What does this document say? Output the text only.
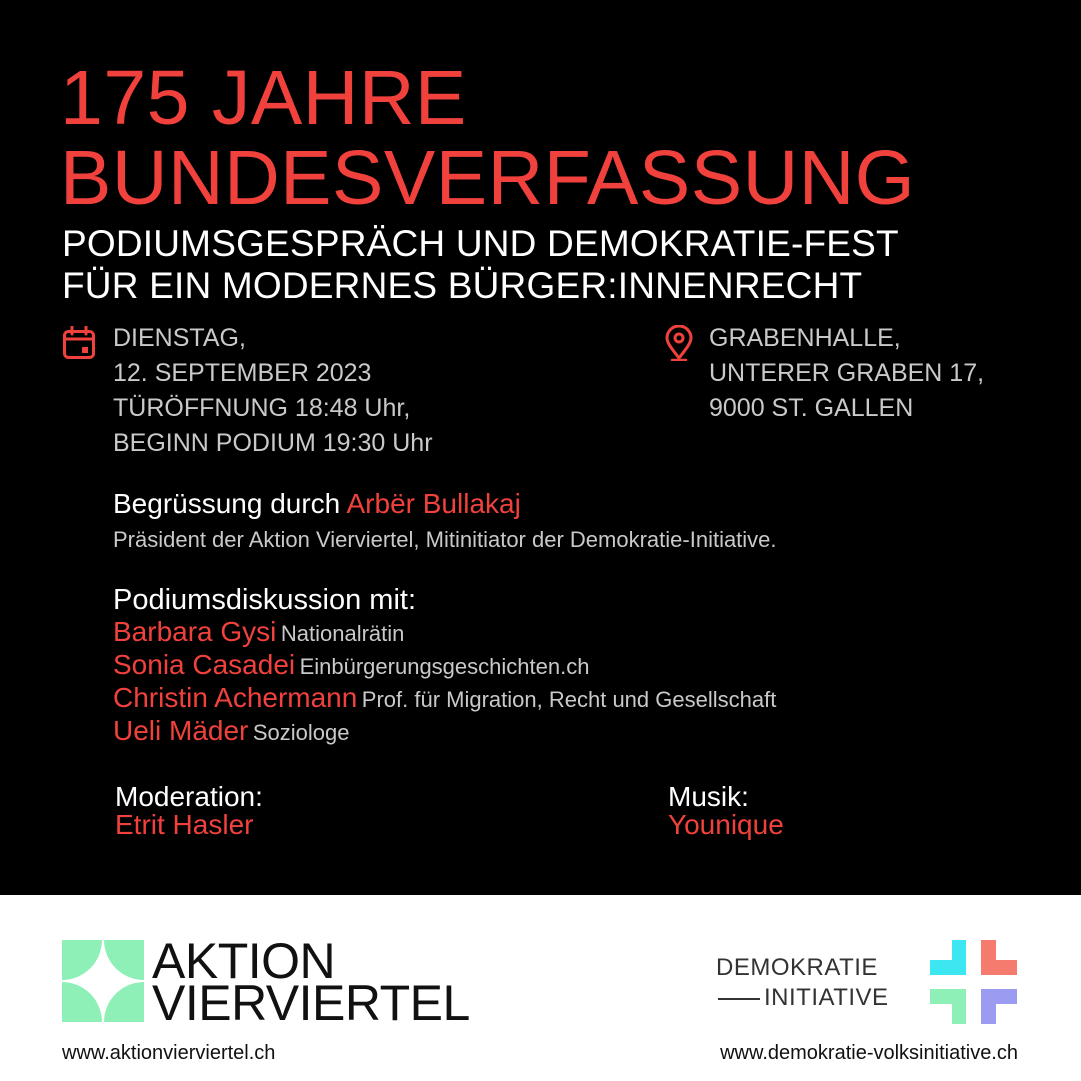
175 JAHRE
BUNDESVERFASSUNG
PODIUMSGESPRÄCH UND DEMOKRATIE-FEST
FÜR EIN MODERNES BÜRGER:INNENRECHT
DIENSTAG,
12. SEPTEMBER 2023
TÜRÖFFNUNG 18:48 Uhr,
BEGINN PODIUM 19:30 Uhr
GRABENHALLE,
UNTERER GRABEN 17,
9000 ST. GALLEN
Begrüssung durch Arbër Bullakaj
Präsident der Aktion Vierviertel, Mitinitiator der Demokratie-Initiative.
Podiumsdiskussion mit:
Barbara Gysi Nationalrätin
Sonia Casadei Einbürgerungsgeschichten.ch
Christin Achermann Prof. für Migration, Recht und Gesellschaft
Ueli Mäder Soziologe
Moderation:
Etrit Hasler
Musik:
Younique
AKTION
VIERVIERTEL
www.aktionvierviertel.ch
DEMOKRATIE
INITIATIVE
www.demokratie-volksinitiative.ch
